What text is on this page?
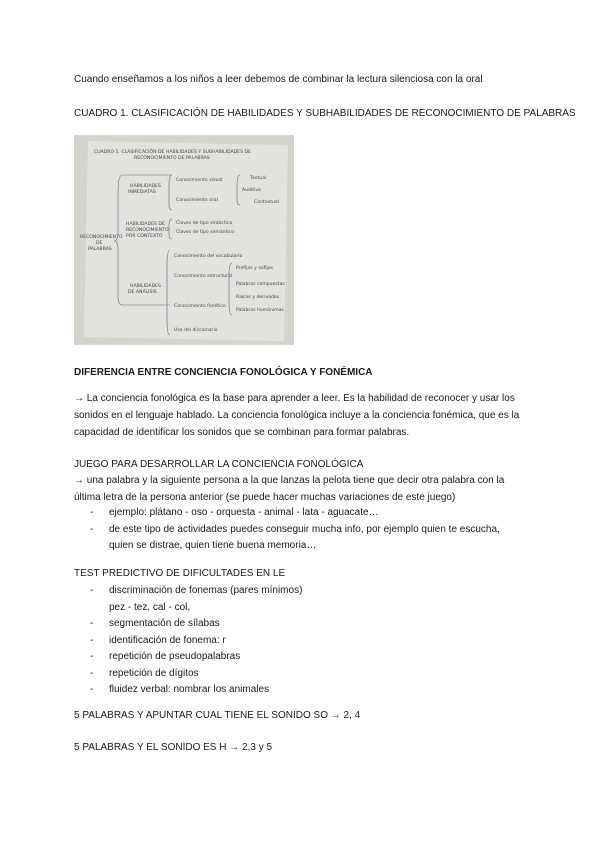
Cuando enseñamos a los niños a leer debemos de combinar la lectura silenciosa con la oral
CUADRO 1. CLASIFICACIÓN DE HABILIDADES Y SUBHABILIDADES DE RECONOCIMIENTO DE PALABRAS
CUADRO 1. CLASIFICACIÓN DE HABILIDADES Y SUBHABILIDADES DE
RECONOCIMIENTO DE PALABRAS
RECONOCIMIENTO
DE
PALABRAS
HABILIDADES
INMEDIATAS
HABILIDADES DE
RECONOCIMIENTO
POR CONTEXTO
HABILIDADES
DE ANÁLISIS
Conocimiento visual
Conocimiento oral
Textual
Auditivo
Contextual
Claves de tipo sintáctico
Claves de tipo semántico
Conocimiento del vocabulario
Conocimiento estructural
Conocimiento fonético
Uso del diccionario
Prefijos y sufijos
Palabras compuestas
Raíces y derivados
Palabras homónimas
DIFERENCIA ENTRE CONCIENCIA FONOLÓGICA Y FONÉMICA
→ La conciencia fonológica es la base para aprender a leer. Es la habilidad de reconocer y usar los
sonidos en el lenguaje hablado. La conciencia fonológica incluye a la conciencia fonémica, que es la
capacidad de identificar los sonidos que se combinan para formar palabras.
JUEGO PARA DESARROLLAR LA CONCIENCIA FONOLÓGICA
→ una palabra y la siguiente persona a la que lanzas la pelota tiene que decir otra palabra con la
última letra de la persona anterior (se puede hacer muchas variaciones de este juego)
- ejemplo: plátano - oso - orquesta - animal - lata - aguacate…
- de este tipo de actividades puedes conseguir mucha info, por ejemplo quien te escucha,
quien se distrae, quien tiene buena memoria…
TEST PREDICTIVO DE DIFICULTADES EN LE
- discriminación de fonemas (pares mínimos)
pez - tez, cal - col,
- segmentación de sílabas
- identificación de fonema: r
- repetición de pseudopalabras
- repetición de dígitos
- fluidez verbal: nombrar los animales
5 PALABRAS Y APUNTAR CUAL TIENE EL SONIDO SO → 2, 4
5 PALABRAS Y EL SONIDO ES H → 2,3 y 5
